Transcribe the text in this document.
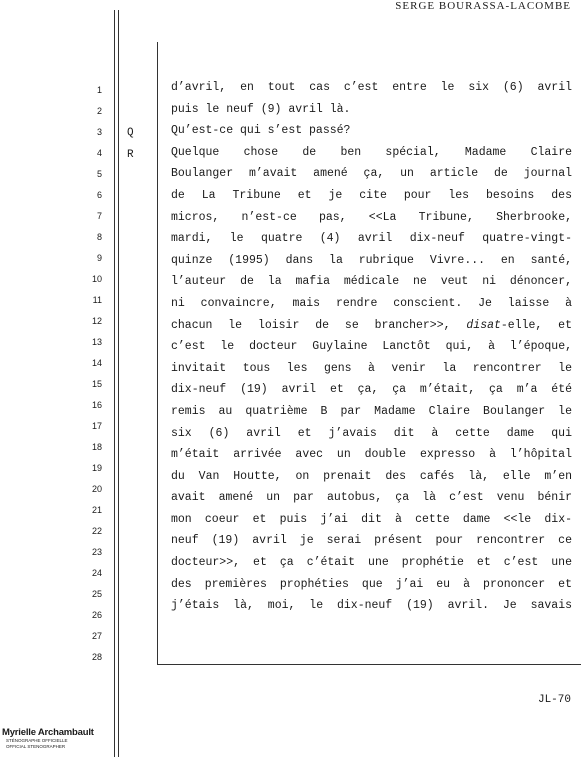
SERGE BOURASSA-LACOMBE
1
2
3
4
5
6
7
8
9
10
11
12
13
14
15
16
17
18
19
20
21
22
23
24
25
26
27
28
Q
R
d’avril, en tout cas c’est entre le six (6) avril
puis le neuf (9) avril là.
Qu’est-ce qui s’est passé?
Quelque chose de ben spécial, Madame Claire
Boulanger m’avait amené ça, un article de journal
de La Tribune et je cite pour les besoins des
micros, n’est-ce pas, <<La Tribune, Sherbrooke,
mardi, le quatre (4) avril dix-neuf quatre-vingt-
quinze (1995) dans la rubrique Vivre... en santé,
l’auteur de la mafia médicale ne veut ni dénoncer,
ni convaincre, mais rendre conscient. Je laisse à
chacun le loisir de se brancher>>, disat-elle, et
c’est le docteur Guylaine Lanctôt qui, à l’époque,
invitait tous les gens à venir la rencontrer le
dix-neuf (19) avril et ça, ça m’était, ça m’a été
remis au quatrième B par Madame Claire Boulanger le
six (6) avril et j’avais dit à cette dame qui
m’était arrivée avec un double expresso à l’hôpital
du Van Houtte, on prenait des cafés là, elle m’en
avait amené un par autobus, ça là c’est venu bénir
mon coeur et puis j’ai dit à cette dame <<le dix-
neuf (19) avril je serai présent pour rencontrer ce
docteur>>, et ça c’était une prophétie et c’est une
des premières prophéties que j’ai eu à prononcer et
j’étais là, moi, le dix-neuf (19) avril. Je savais
JL-70
Myrielle Archambault
STÉNOGRAPHE OFFICIELLE
OFFICIAL STENOGRAPHER
